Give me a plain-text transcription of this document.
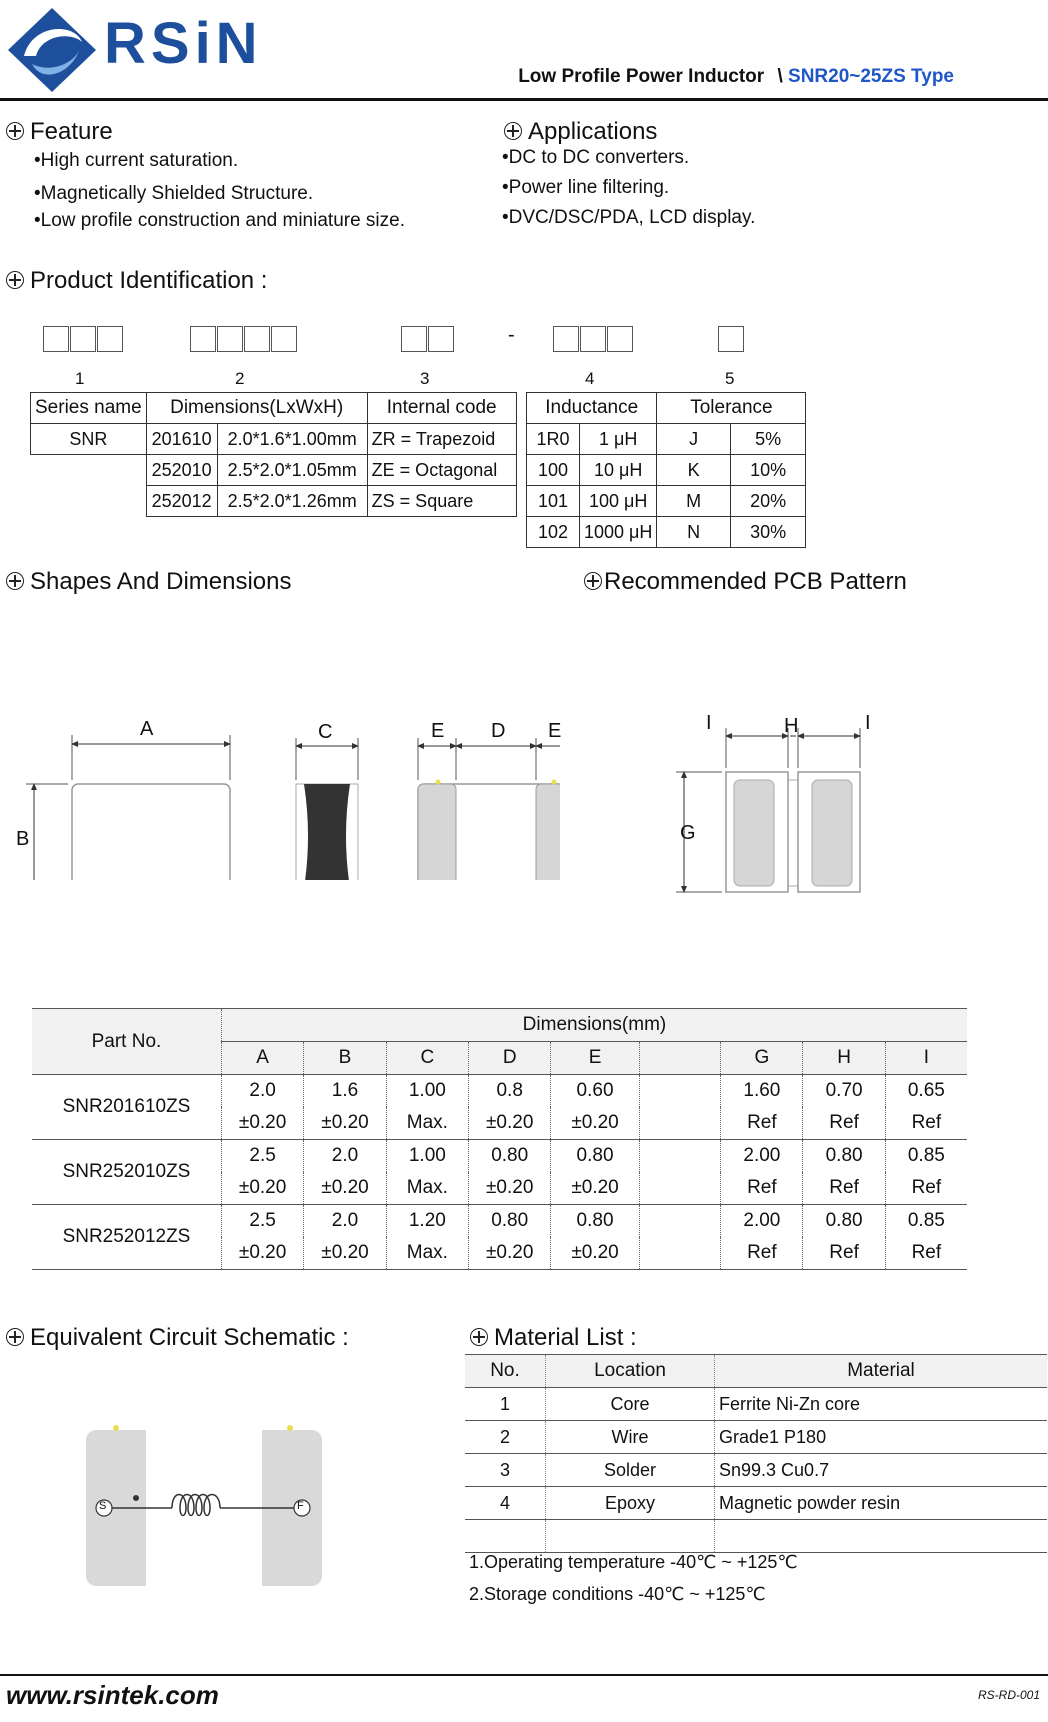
RSiN
Low Profile Power Inductor \ SNR20~25ZS Type
Feature
•High current saturation.
•Magnetically Shielded Structure.
•Low profile construction and miniature size.
Applications
•DC to DC converters.
•Power line filtering.
•DVC/DSC/PDA, LCD display.
Product Identification :
-
1	2	3	4	5
Series name	Dimensions(LxWxH)		Internal code
SNR	201610	2.0*1.6*1.00mm	ZR = Trapezoid
	252010	2.5*2.0*1.05mm	ZE = Octagonal
	252012	2.5*2.0*1.26mm	ZS = Square
Inductance		Tolerance	
1R0	1 μH	J	5%
100	10 μH	K	10%
101	100 μH	M	20%
102	1000 μH	N	30%
Shapes And Dimensions	Recommended PCB Pattern
A
B
C	E D E	I	H	I
G
Part No.	Dimensions(mm)								
	A	B	C	D	E		G	H	I
SNR201610ZS	2.0	1.6	1.00	0.8	0.60		1.60	0.70	0.65
	±0.20	±0.20	Max.	±0.20	±0.20		Ref	Ref	Ref
SNR252010ZS	2.5	2.0	1.00	0.80	0.80		2.00	0.80	0.85
	±0.20	±0.20	Max.	±0.20	±0.20		Ref	Ref	Ref
SNR252012ZS	2.5	2.0	1.20	0.80	0.80		2.00	0.80	0.85
	±0.20	±0.20	Max.	±0.20	±0.20		Ref	Ref	Ref
Equivalent Circuit Schematic :
S	F
Material List :
No.	Location	Material
1	Core	Ferrite Ni-Zn core
2	Wire	Grade1 P180
3	Solder	Sn99.3 Cu0.7
4	Epoxy	Magnetic powder resin

1.Operating temperature -40℃ ~ +125℃
2.Storage conditions -40℃ ~ +125℃
www.rsintek.com	RS-RD-001
